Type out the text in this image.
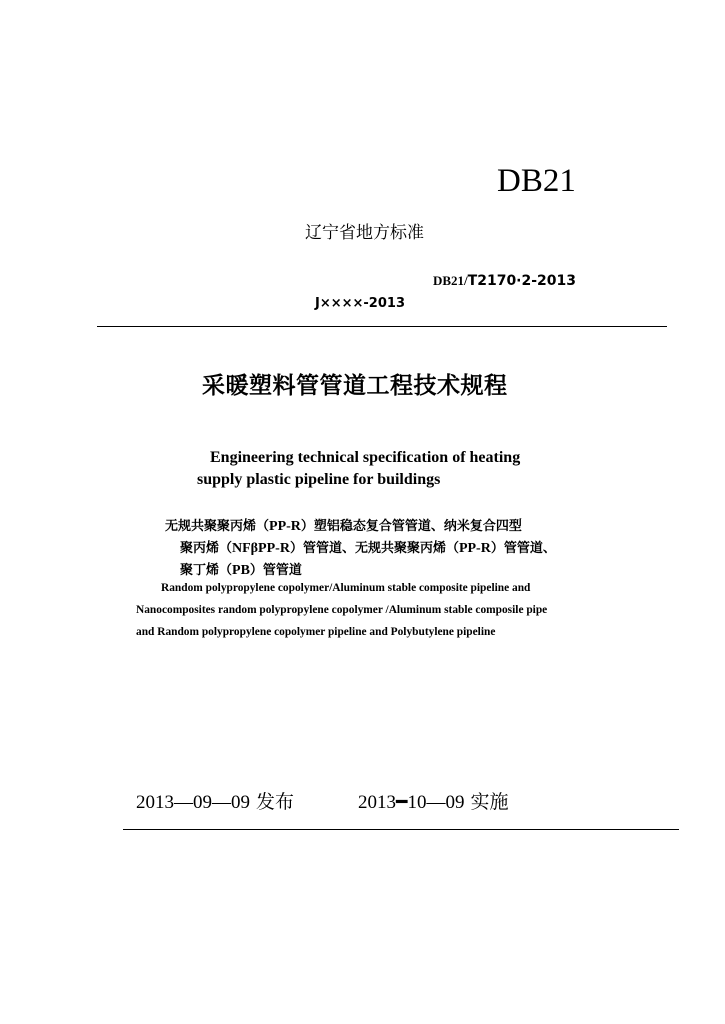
DB21
辽宁省地方标准
DB21/T2170·2-2013
J××××-2013
采暖塑料管管道工程技术规程
Engineering technical specification of heating
supply plastic pipeline for buildings
无规共聚聚丙烯（PP-R）塑铝稳态复合管管道、纳米复合四型
聚丙烯（NFβPP-R）管管道、无规共聚聚丙烯（PP-R）管管道、
聚丁烯（PB）管管道
Random polypropylene copolymer/Aluminum stable composite pipeline and
Nanocomposites random polypropylene copolymer /Aluminum stable composile pipe
and Random polypropylene copolymer pipeline and Polybutylene pipeline
2013—09—09 发布	2013━10—09 实施
